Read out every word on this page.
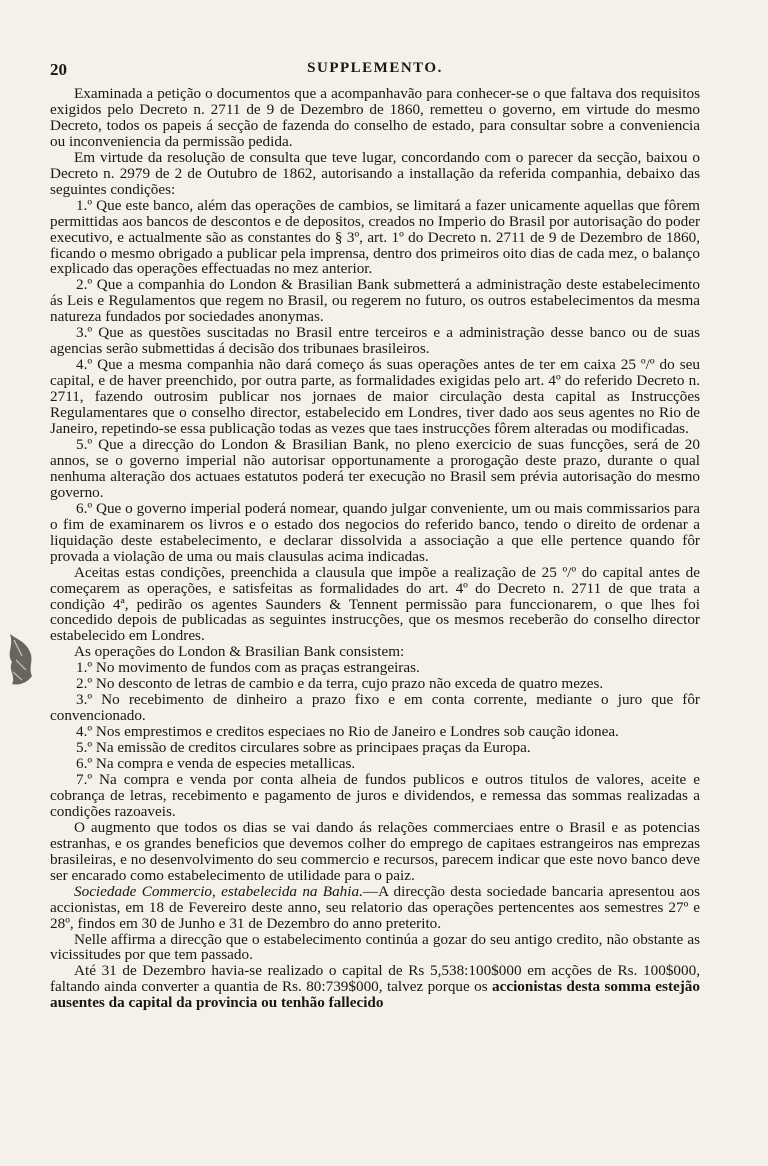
20	SUPPLEMENTO.

Examinada a petição o documentos que a acompanhavão para conhecer-se o que faltava dos requisitos exigidos pelo Decreto n. 2711 de 9 de Dezembro de 1860, remetteu o governo, em virtude do mesmo Decreto, todos os papeis á secção de fazenda do conselho de estado, para consultar sobre a conveniencia ou inconveniencia da permissão pedida.

Em virtude da resolução de consulta que teve lugar, concordando com o parecer da secção, baixou o Decreto n. 2979 de 2 de Outubro de 1862, autorisando a installação da referida companhia, debaixo das seguintes condições:

1.º Que este banco, além das operações de cambios, se limitará a fazer unicamente aquellas que fôrem permittidas aos bancos de descontos e de depositos, creados no Imperio do Brasil por autorisação do poder executivo, e actualmente são as constantes do § 3º, art. 1º do Decreto n. 2711 de 9 de Dezembro de 1860, ficando o mesmo obrigado a publicar pela imprensa, dentro dos primeiros oito dias de cada mez, o balanço explicado das operações effectuadas no mez anterior.

2.º Que a companhia do London & Brasilian Bank submetterá a administração deste estabelecimento ás Leis e Regulamentos que regem no Brasil, ou regerem no futuro, os outros estabelecimentos da mesma natureza fundados por sociedades anonymas.

3.º Que as questões suscitadas no Brasil entre terceiros e a administração desse banco ou de suas agencias serão submettidas á decisão dos tribunaes brasileiros.

4.º Que a mesma companhia não dará começo ás suas operações antes de ter em caixa 25 º/º do seu capital, e de haver preenchido, por outra parte, as formalidades exigidas pelo art. 4º do referido Decreto n. 2711, fazendo outrosim publicar nos jornaes de maior circulação desta capital as Instrucções Regulamentares que o conselho director, estabelecido em Londres, tiver dado aos seus agentes no Rio de Janeiro, repetindo-se essa publicação todas as vezes que taes instrucções fôrem alteradas ou modificadas.

5.º Que a direcção do London & Brasilian Bank, no pleno exercicio de suas funcções, será de 20 annos, se o governo imperial não autorisar opportunamente a prorogação deste prazo, durante o qual nenhuma alteração dos actuaes estatutos poderá ter execução no Brasil sem prévia autorisação do mesmo governo.

6.º Que o governo imperial poderá nomear, quando julgar conveniente, um ou mais commissarios para o fim de examinarem os livros e o estado dos negocios do referido banco, tendo o direito de ordenar a liquidação deste estabelecimento, e declarar dissolvida a associação a que elle pertence quando fôr provada a violação de uma ou mais clausulas acima indicadas.

Aceitas estas condições, preenchida a clausula que impõe a realização de 25 º/º do capital antes de começarem as operações, e satisfeitas as formalidades do art. 4º do Decreto n. 2711 de que trata a condição 4ª, pedirão os agentes Saunders & Tennent permissão para funccionarem, o que lhes foi concedido depois de publicadas as seguintes instrucções, que os mesmos receberão do conselho director estabelecido em Londres.

As operações do London & Brasilian Bank consistem:

1.º No movimento de fundos com as praças estrangeiras.

2.º No desconto de letras de cambio e da terra, cujo prazo não exceda de quatro mezes.

3.º No recebimento de dinheiro a prazo fixo e em conta corrente, mediante o juro que fôr convencionado.

4.º Nos emprestimos e creditos especiaes no Rio de Janeiro e Londres sob caução idonea.

5.º Na emissão de creditos circulares sobre as principaes praças da Europa.

6.º Na compra e venda de especies metallicas.

7.º Na compra e venda por conta alheia de fundos publicos e outros titulos de valores, aceite e cobrança de letras, recebimento e pagamento de juros e dividendos, e remessa das sommas realizadas a condições razoaveis.

O augmento que todos os dias se vai dando ás relações commerciaes entre o Brasil e as potencias estranhas, e os grandes beneficios que devemos colher do emprego de capitaes estrangeiros nas emprezas brasileiras, e no desenvolvimento do seu commercio e recursos, parecem indicar que este novo banco deve ser encarado como estabelecimento de utilidade para o paiz.

Sociedade Commercio, estabelecida na Bahia.—A direcção desta sociedade bancaria apresentou aos accionistas, em 18 de Fevereiro deste anno, seu relatorio das operações pertencentes aos semestres 27º e 28º, findos em 30 de Junho e 31 de Dezembro do anno preterito.

Nelle affirma a direcção que o estabelecimento continúa a gozar do seu antigo credito, não obstante as vicissitudes por que tem passado.

Até 31 de Dezembro havia-se realizado o capital de Rs 5,538:100$000 em acções de Rs. 100$000, faltando ainda converter a quantia de Rs. 80:739$000, talvez porque os accionistas desta somma estejão ausentes da capital da provincia ou tenhão fallecido
